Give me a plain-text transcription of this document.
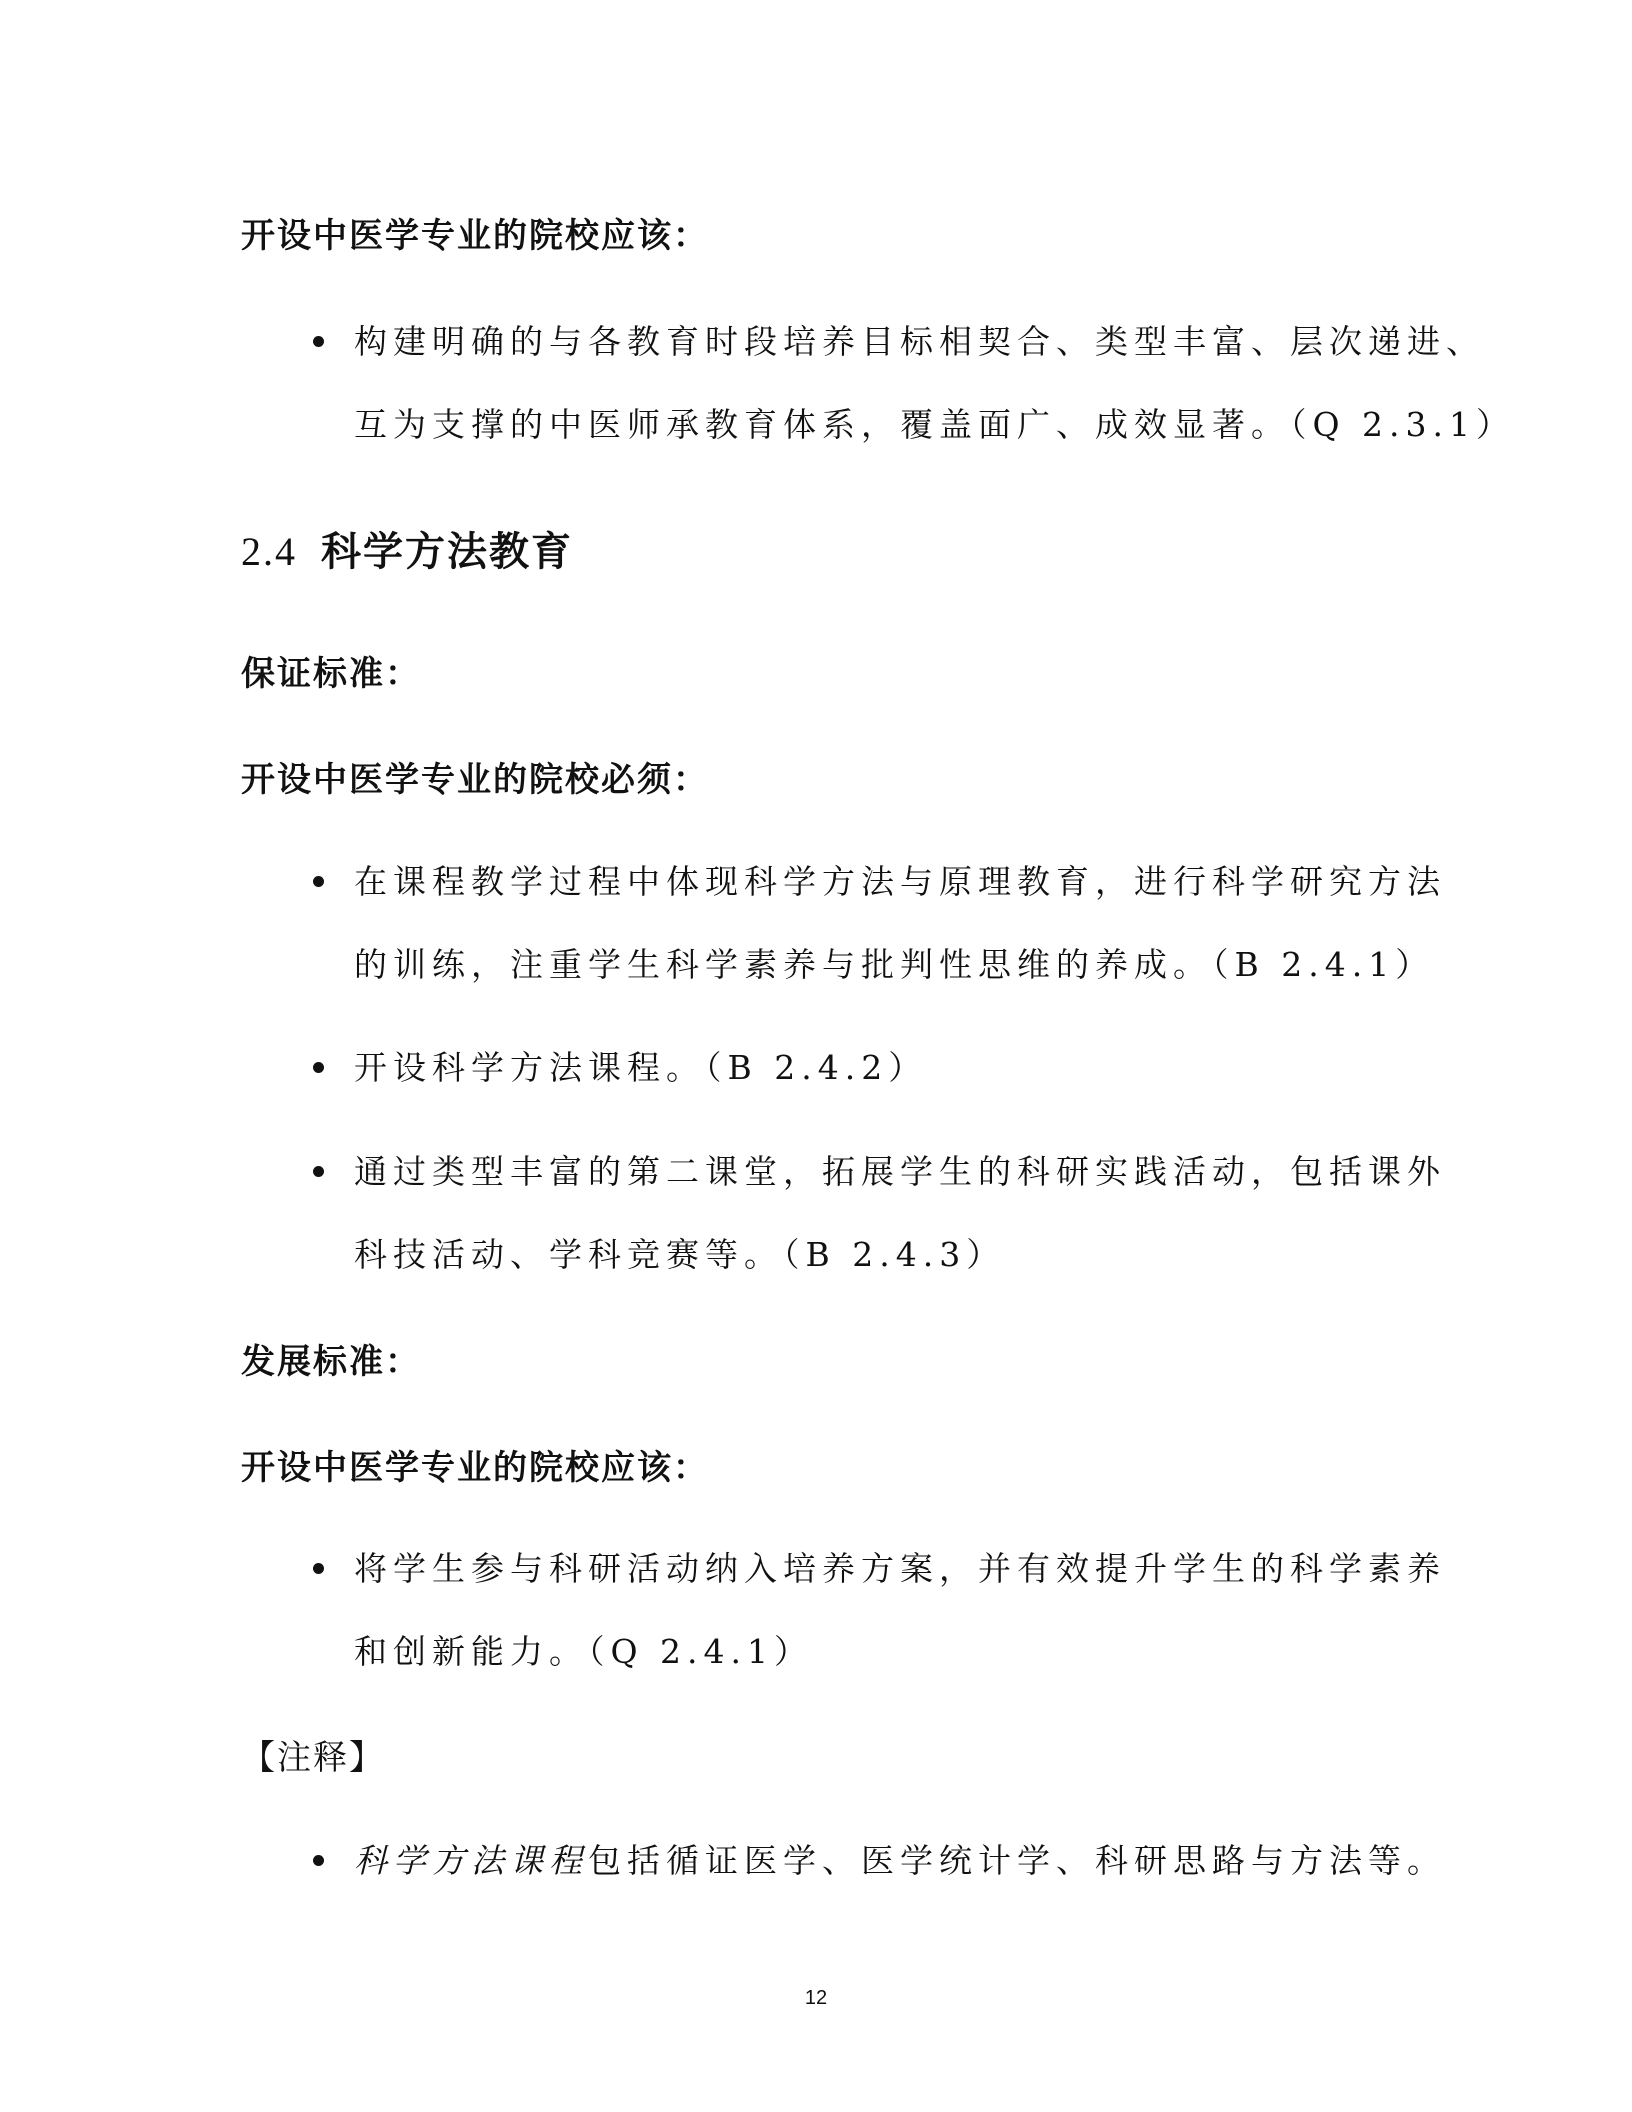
开设中医学专业的院校应该：
构建明确的与各教育时段培养目标相契合、类型丰富、层次递进、
互为支撑的中医师承教育体系，覆盖面广、成效显著。（Q 2.3.1）
2.4 科学方法教育
保证标准：
开设中医学专业的院校必须：
在课程教学过程中体现科学方法与原理教育，进行科学研究方法
的训练，注重学生科学素养与批判性思维的养成。（B 2.4.1）
开设科学方法课程。（B 2.4.2）
通过类型丰富的第二课堂，拓展学生的科研实践活动，包括课外
科技活动、学科竞赛等。（B 2.4.3）
发展标准：
开设中医学专业的院校应该：
将学生参与科研活动纳入培养方案，并有效提升学生的科学素养
和创新能力。（Q 2.4.1）
【注释】
科学方法课程包括循证医学、医学统计学、科研思路与方法等。
12
